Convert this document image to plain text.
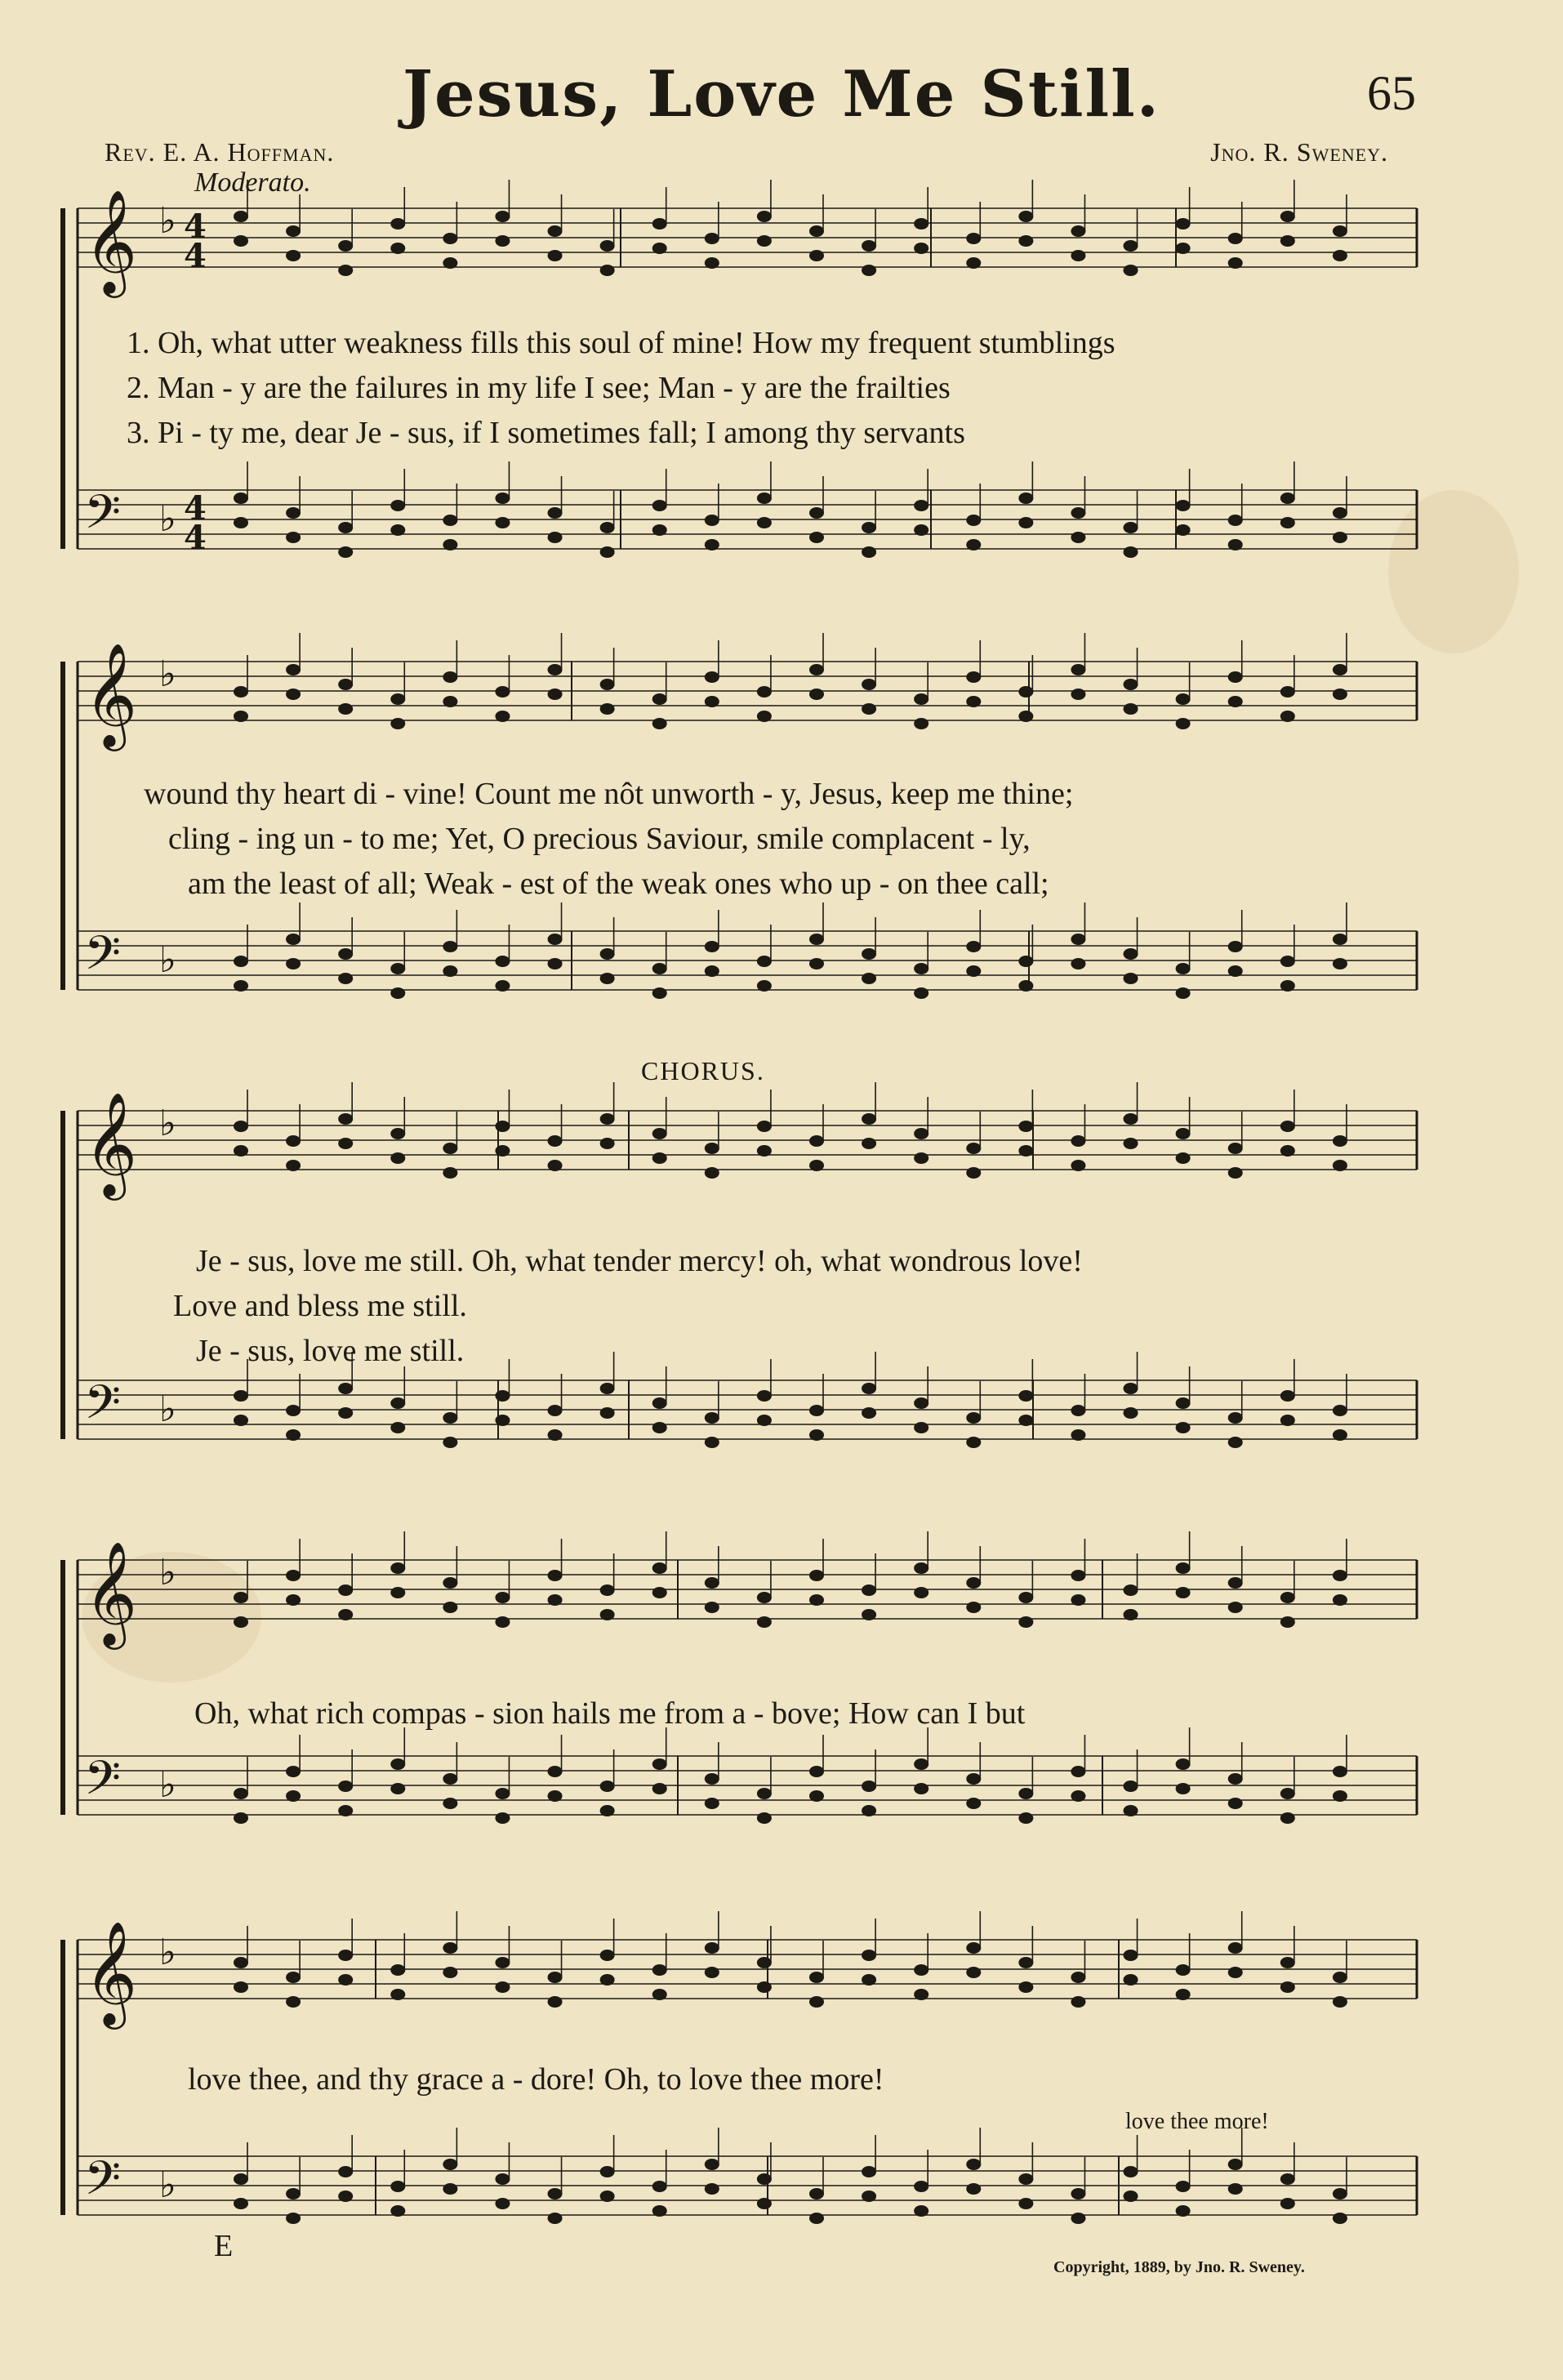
Jesus, Love Me Still.	65
Rev. E. A. Hoffman.	Jno. R. Sweney.
Moderato.
𝄞 ♭
𝄢 ♭
𝄞 ♭
𝄢 ♭
𝄞 ♭
𝄢 ♭
𝄞 ♭
𝄢 ♭
𝄞 ♭
𝄢 ♭
4
4
4
4
1. Oh, what utter weakness fills this soul of mine! How my frequent stumblings
2. Man - y are the failures in my life I see; Man - y are the frailties
3. Pi - ty me, dear Je - sus, if I sometimes fall; I among thy servants
wound thy heart di - vine! Count me nôt unworth - y, Jesus, keep me thine;
cling - ing un - to me; Yet, O precious Saviour, smile complacent - ly,
am the least of all; Weak - est of the weak ones who up - on thee call;
CHORUS.
Je - sus, love me still. Oh, what tender mercy! oh, what wondrous love!
Love and bless me still.
Je - sus, love me still.
Oh, what rich compas - sion hails me from a - bove; How can I but
love thee, and thy grace a - dore! Oh, to love thee more!
love thee more!
E
Copyright, 1889, by Jno. R. Sweney.
